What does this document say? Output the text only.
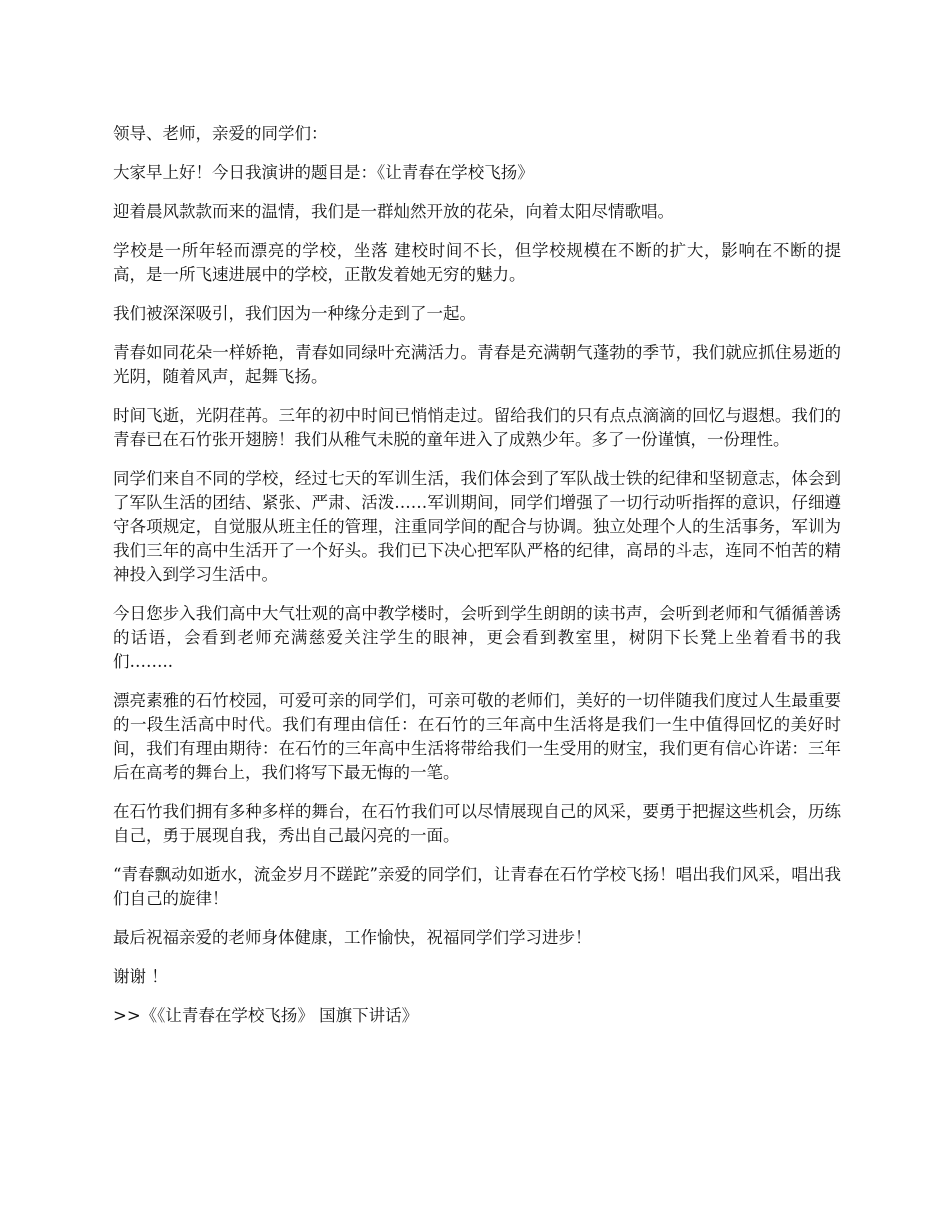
领导、老师，亲爱的同学们：

大家早上好！今日我演讲的题目是：《让青春在学校飞扬》

迎着晨风款款而来的温情，我们是一群灿然开放的花朵，向着太阳尽情歌唱。

学校是一所年轻而漂亮的学校，坐落 建校时间不长，但学校规模在不断的扩大，影响在不断的提高，是一所飞速进展中的学校，正散发着她无穷的魅力。

我们被深深吸引，我们因为一种缘分走到了一起。

青春如同花朵一样娇艳，青春如同绿叶充满活力。青春是充满朝气蓬勃的季节，我们就应抓住易逝的光阴，随着风声，起舞飞扬。

时间飞逝，光阴荏苒。三年的初中时间已悄悄走过。留给我们的只有点点滴滴的回忆与遐想。我们的青春已在石竹张开翅膀！我们从稚气未脱的童年进入了成熟少年。多了一份谨慎，一份理性。

同学们来自不同的学校，经过七天的军训生活，我们体会到了军队战士铁的纪律和坚韧意志，体会到了军队生活的团结、紧张、严肃、活泼……军训期间，同学们增强了一切行动听指挥的意识，仔细遵守各项规定，自觉服从班主任的管理，注重同学间的配合与协调。独立处理个人的生活事务，军训为我们三年的高中生活开了一个好头。我们已下决心把军队严格的纪律，高昂的斗志，连同不怕苦的精神投入到学习生活中。

今日您步入我们高中大气壮观的高中教学楼时，会听到学生朗朗的读书声，会听到老师和气循循善诱的话语，会看到老师充满慈爱关注学生的眼神，更会看到教室里，树阴下长凳上坐着看书的我们……..

漂亮素雅的石竹校园，可爱可亲的同学们，可亲可敬的老师们，美好的一切伴随我们度过人生最重要的一段生活高中时代。我们有理由信任：在石竹的三年高中生活将是我们一生中值得回忆的美好时间，我们有理由期待：在石竹的三年高中生活将带给我们一生受用的财宝，我们更有信心许诺：三年后在高考的舞台上，我们将写下最无悔的一笔。

在石竹我们拥有多种多样的舞台，在石竹我们可以尽情展现自己的风采，要勇于把握这些机会，历练自己，勇于展现自我，秀出自己最闪亮的一面。

“青春飘动如逝水，流金岁月不蹉跎”亲爱的同学们，让青春在石竹学校飞扬！唱出我们风采，唱出我们自己的旋律！

最后祝福亲爱的老师身体健康，工作愉快，祝福同学们学习进步！

谢谢 ！

>>《《让青春在学校飞扬》 国旗下讲话》
